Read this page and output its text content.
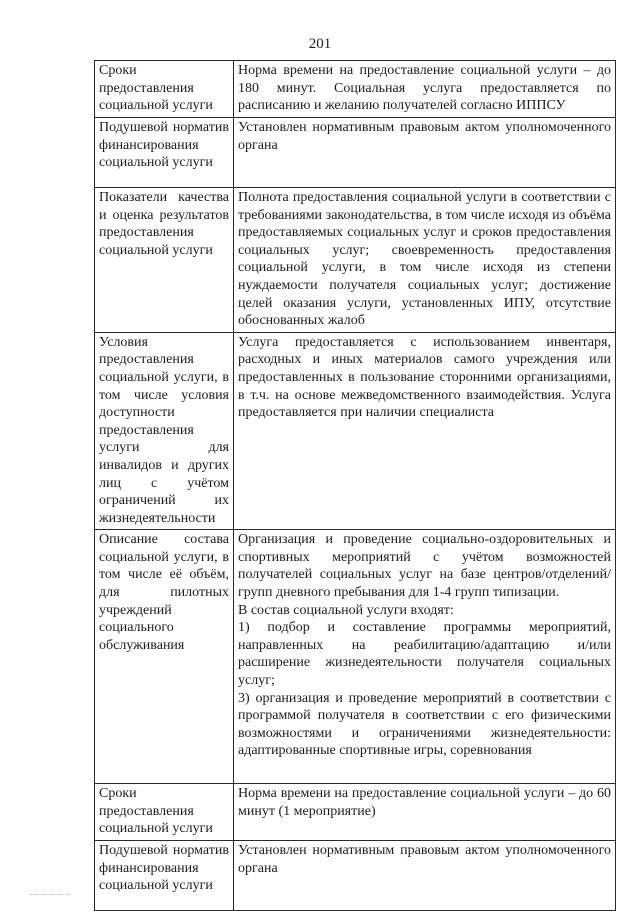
201
Сроки предоставления социальной услуги	Норма времени на предоставление социальной услуги – до 180 минут. Социальная услуга предоставляется по расписанию и желанию получателей согласно ИППСУ

Подушевой норматив финансирования социальной услуги	Установлен нормативным правовым актом уполномоченного органа

Показатели качества и оценка результатов предоставления социальной услуги	Полнота предоставления социальной услуги в соответствии с требованиями законодательства, в том числе исходя из объёма предоставляемых социальных услуг и сроков предоставления социальных услуг; своевременность предоставления социальной услуги, в том числе исходя из степени нуждаемости получателя социальных услуг; достижение целей оказания услуги, установленных ИПУ, отсутствие обоснованных жалоб

Условия предоставления социальной услуги, в том числе условия доступности предоставления услуги для инвалидов и других лиц с учётом ограничений их жизнедеятельности	Услуга предоставляется с использованием инвентаря, расходных и иных материалов самого учреждения или предоставленных в пользование сторонними организациями, в т.ч. на основе межведомственного взаимодействия. Услуга предоставляется при наличии специалиста

Описание состава социальной услуги, в том числе её объём, для пилотных учреждений социального обслуживания	Организация и проведение социально-оздоровительных и спортивных мероприятий с учётом возможностей получателей социальных услуг на базе центров/отделений/групп дневного пребывания для 1-4 групп типизации.
В состав социальной услуги входят:
1) подбор и составление программы мероприятий, направленных на реабилитацию/адаптацию и/или расширение жизнедеятельности получателя социальных услуг;
3) организация и проведение мероприятий в соответствии с программой получателя в соответствии с его физическими возможностями и ограничениями жизнедеятельности: адаптированные спортивные игры, соревнования

Сроки предоставления социальной услуги	Норма времени на предоставление социальной услуги – до 60 минут (1 мероприятие)

Подушевой норматив финансирования социальной услуги	Установлен нормативным правовым актом уполномоченного органа
